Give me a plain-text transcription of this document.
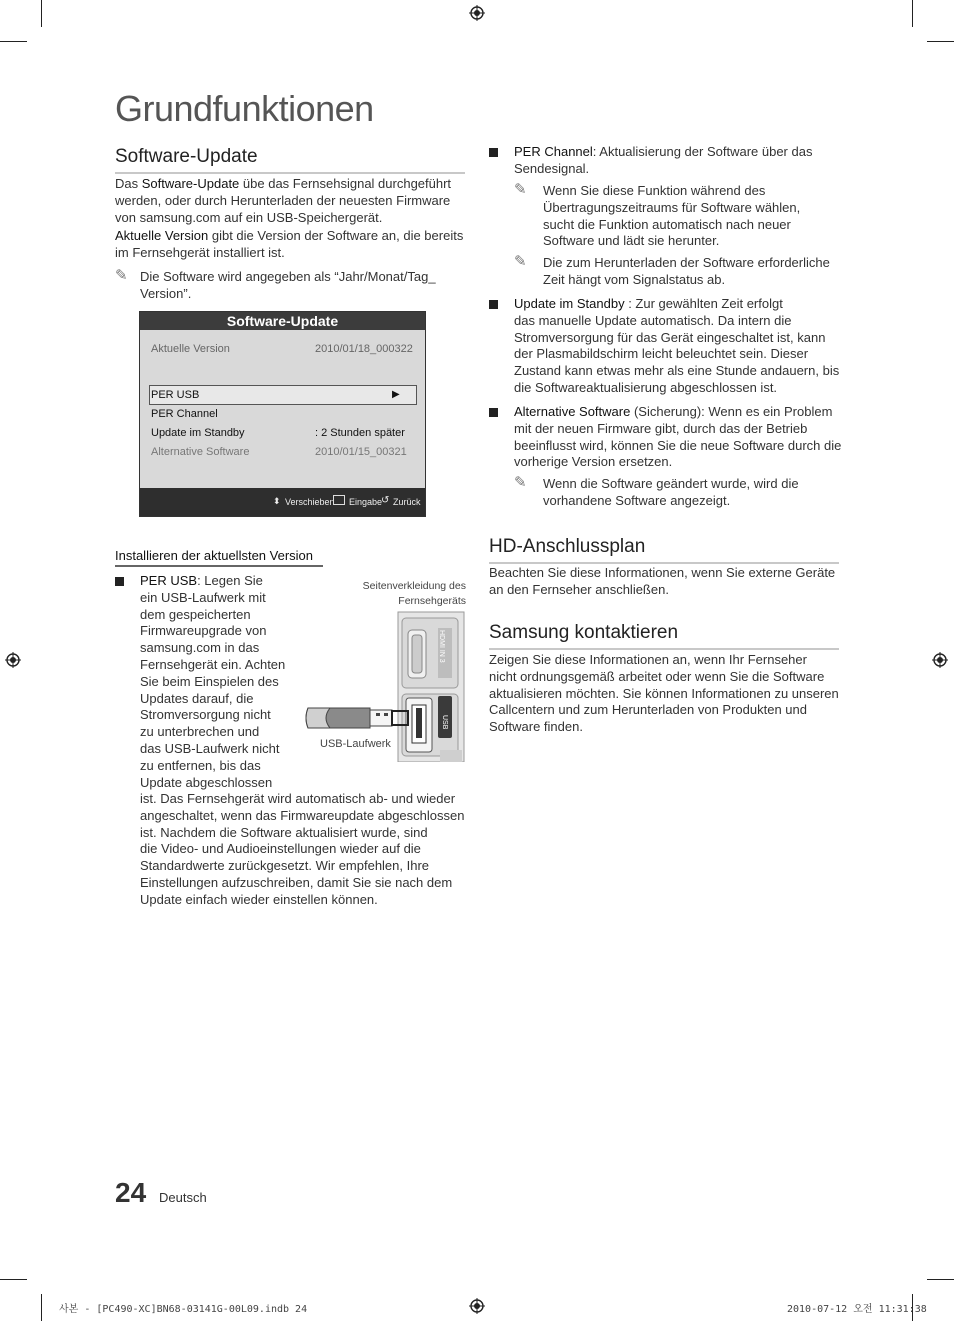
Grundfunktionen
Software-Update
Das Software-Update übe das Fernsehsignal durchgeführt
werden, oder durch Herunterladen der neuesten Firmware
von samsung.com auf ein USB-Speichergerät.
Aktuelle Version gibt die Version der Software an, die bereits
im Fernsehgerät installiert ist.
✎ Die Software wird angegeben als “Jahr/Monat/Tag_
Version”.
Software-Update
Aktuelle Version	2010/01/18_000322
PER USB	▶
PER Channel
Update im Standby	: 2 Stunden später
Alternative Software	2010/01/15_00321
⬍ Verschieben Eingabe
↺ Zurück
Installieren der aktuellsten Version
PER USB: Legen Sie
ein USB-Laufwerk mit
dem gespeicherten
Firmwareupgrade von
samsung.com in das
Fernsehgerät ein. Achten
Sie beim Einspielen des
Updates darauf, die
Stromversorgung nicht
zu unterbrechen und
das USB-Laufwerk nicht
zu entfernen, bis das
Update abgeschlossen
ist. Das Fernsehgerät wird automatisch ab- und wieder
angeschaltet, wenn das Firmwareupdate abgeschlossen
ist. Nachdem die Software aktualisiert wurde, sind
die Video- und Audioeinstellungen wieder auf die
Standardwerte zurückgesetzt. Wir empfehlen, Ihre
Einstellungen aufzuschreiben, damit Sie sie nach dem
Update einfach wieder einstellen können.
Seitenverkleidung des
Fernsehgeräts
HDMI IN 3
USB
USB-Laufwerk
PER Channel: Aktualisierung der Software über das
Sendesignal.
✎ Wenn Sie diese Funktion während des
Übertragungszeitraums für Software wählen,
sucht die Funktion automatisch nach neuer
Software und lädt sie herunter.
✎ Die zum Herunterladen der Software erforderliche
Zeit hängt vom Signalstatus ab.
Update im Standby : Zur gewählten Zeit erfolgt
das manuelle Update automatisch. Da intern die
Stromversorgung für das Gerät eingeschaltet ist, kann
der Plasmabildschirm leicht beleuchtet sein. Dieser
Zustand kann etwas mehr als eine Stunde andauern, bis
die Softwareaktualisierung abgeschlossen ist.
Alternative Software (Sicherung): Wenn es ein Problem
mit der neuen Firmware gibt, durch das der Betrieb
beeinflusst wird, können Sie die neue Software durch die
vorherige Version ersetzen.
✎ Wenn die Software geändert wurde, wird die
vorhandene Software angezeigt.
HD-Anschlussplan
Beachten Sie diese Informationen, wenn Sie externe Geräte
an den Fernseher anschließen.
Samsung kontaktieren
Zeigen Sie diese Informationen an, wenn Ihr Fernseher
nicht ordnungsgemäß arbeitet oder wenn Sie die Software
aktualisieren möchten. Sie können Informationen zu unseren
Callcentern und zum Herunterladen von Produkten und
Software finden.
24 Deutsch
사본 - [PC490-XC]BN68-03141G-00L09.indb 24	2010-07-12 오전 11:31:38
